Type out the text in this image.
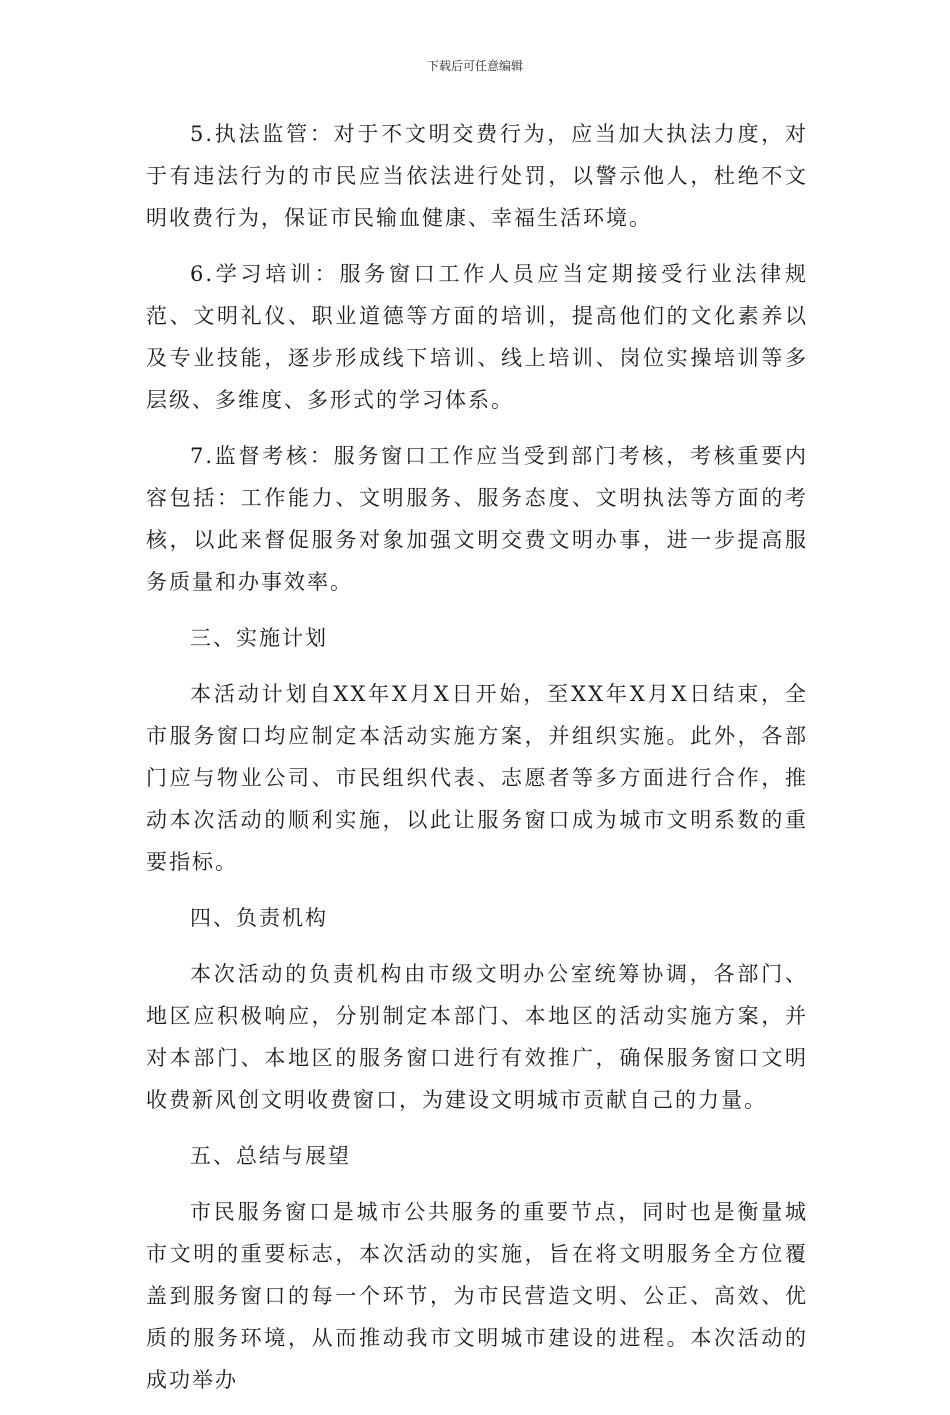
下载后可任意编辑

5.执法监管：对于不文明交费行为，应当加大执法力度，对于有违法行为的市民应当依法进行处罚，以警示他人，杜绝不文明收费行为，保证市民输血健康、幸福生活环境。

6.学习培训：服务窗口工作人员应当定期接受行业法律规范、文明礼仪、职业道德等方面的培训，提高他们的文化素养以及专业技能，逐步形成线下培训、线上培训、岗位实操培训等多层级、多维度、多形式的学习体系。

7.监督考核：服务窗口工作应当受到部门考核，考核重要内容包括：工作能力、文明服务、服务态度、文明执法等方面的考核，以此来督促服务对象加强文明交费文明办事，进一步提高服务质量和办事效率。

三、实施计划

本活动计划自XX年X月X日开始，至XX年X月X日结束，全市服务窗口均应制定本活动实施方案，并组织实施。此外，各部门应与物业公司、市民组织代表、志愿者等多方面进行合作，推动本次活动的顺利实施，以此让服务窗口成为城市文明系数的重要指标。

四、负责机构

本次活动的负责机构由市级文明办公室统筹协调，各部门、地区应积极响应，分别制定本部门、本地区的活动实施方案，并对本部门、本地区的服务窗口进行有效推广，确保服务窗口文明收费新风创文明收费窗口，为建设文明城市贡献自己的力量。

五、总结与展望

市民服务窗口是城市公共服务的重要节点，同时也是衡量城市文明的重要标志，本次活动的实施，旨在将文明服务全方位覆盖到服务窗口的每一个环节，为市民营造文明、公正、高效、优质的服务环境，从而推动我市文明城市建设的进程。本次活动的成功举办
